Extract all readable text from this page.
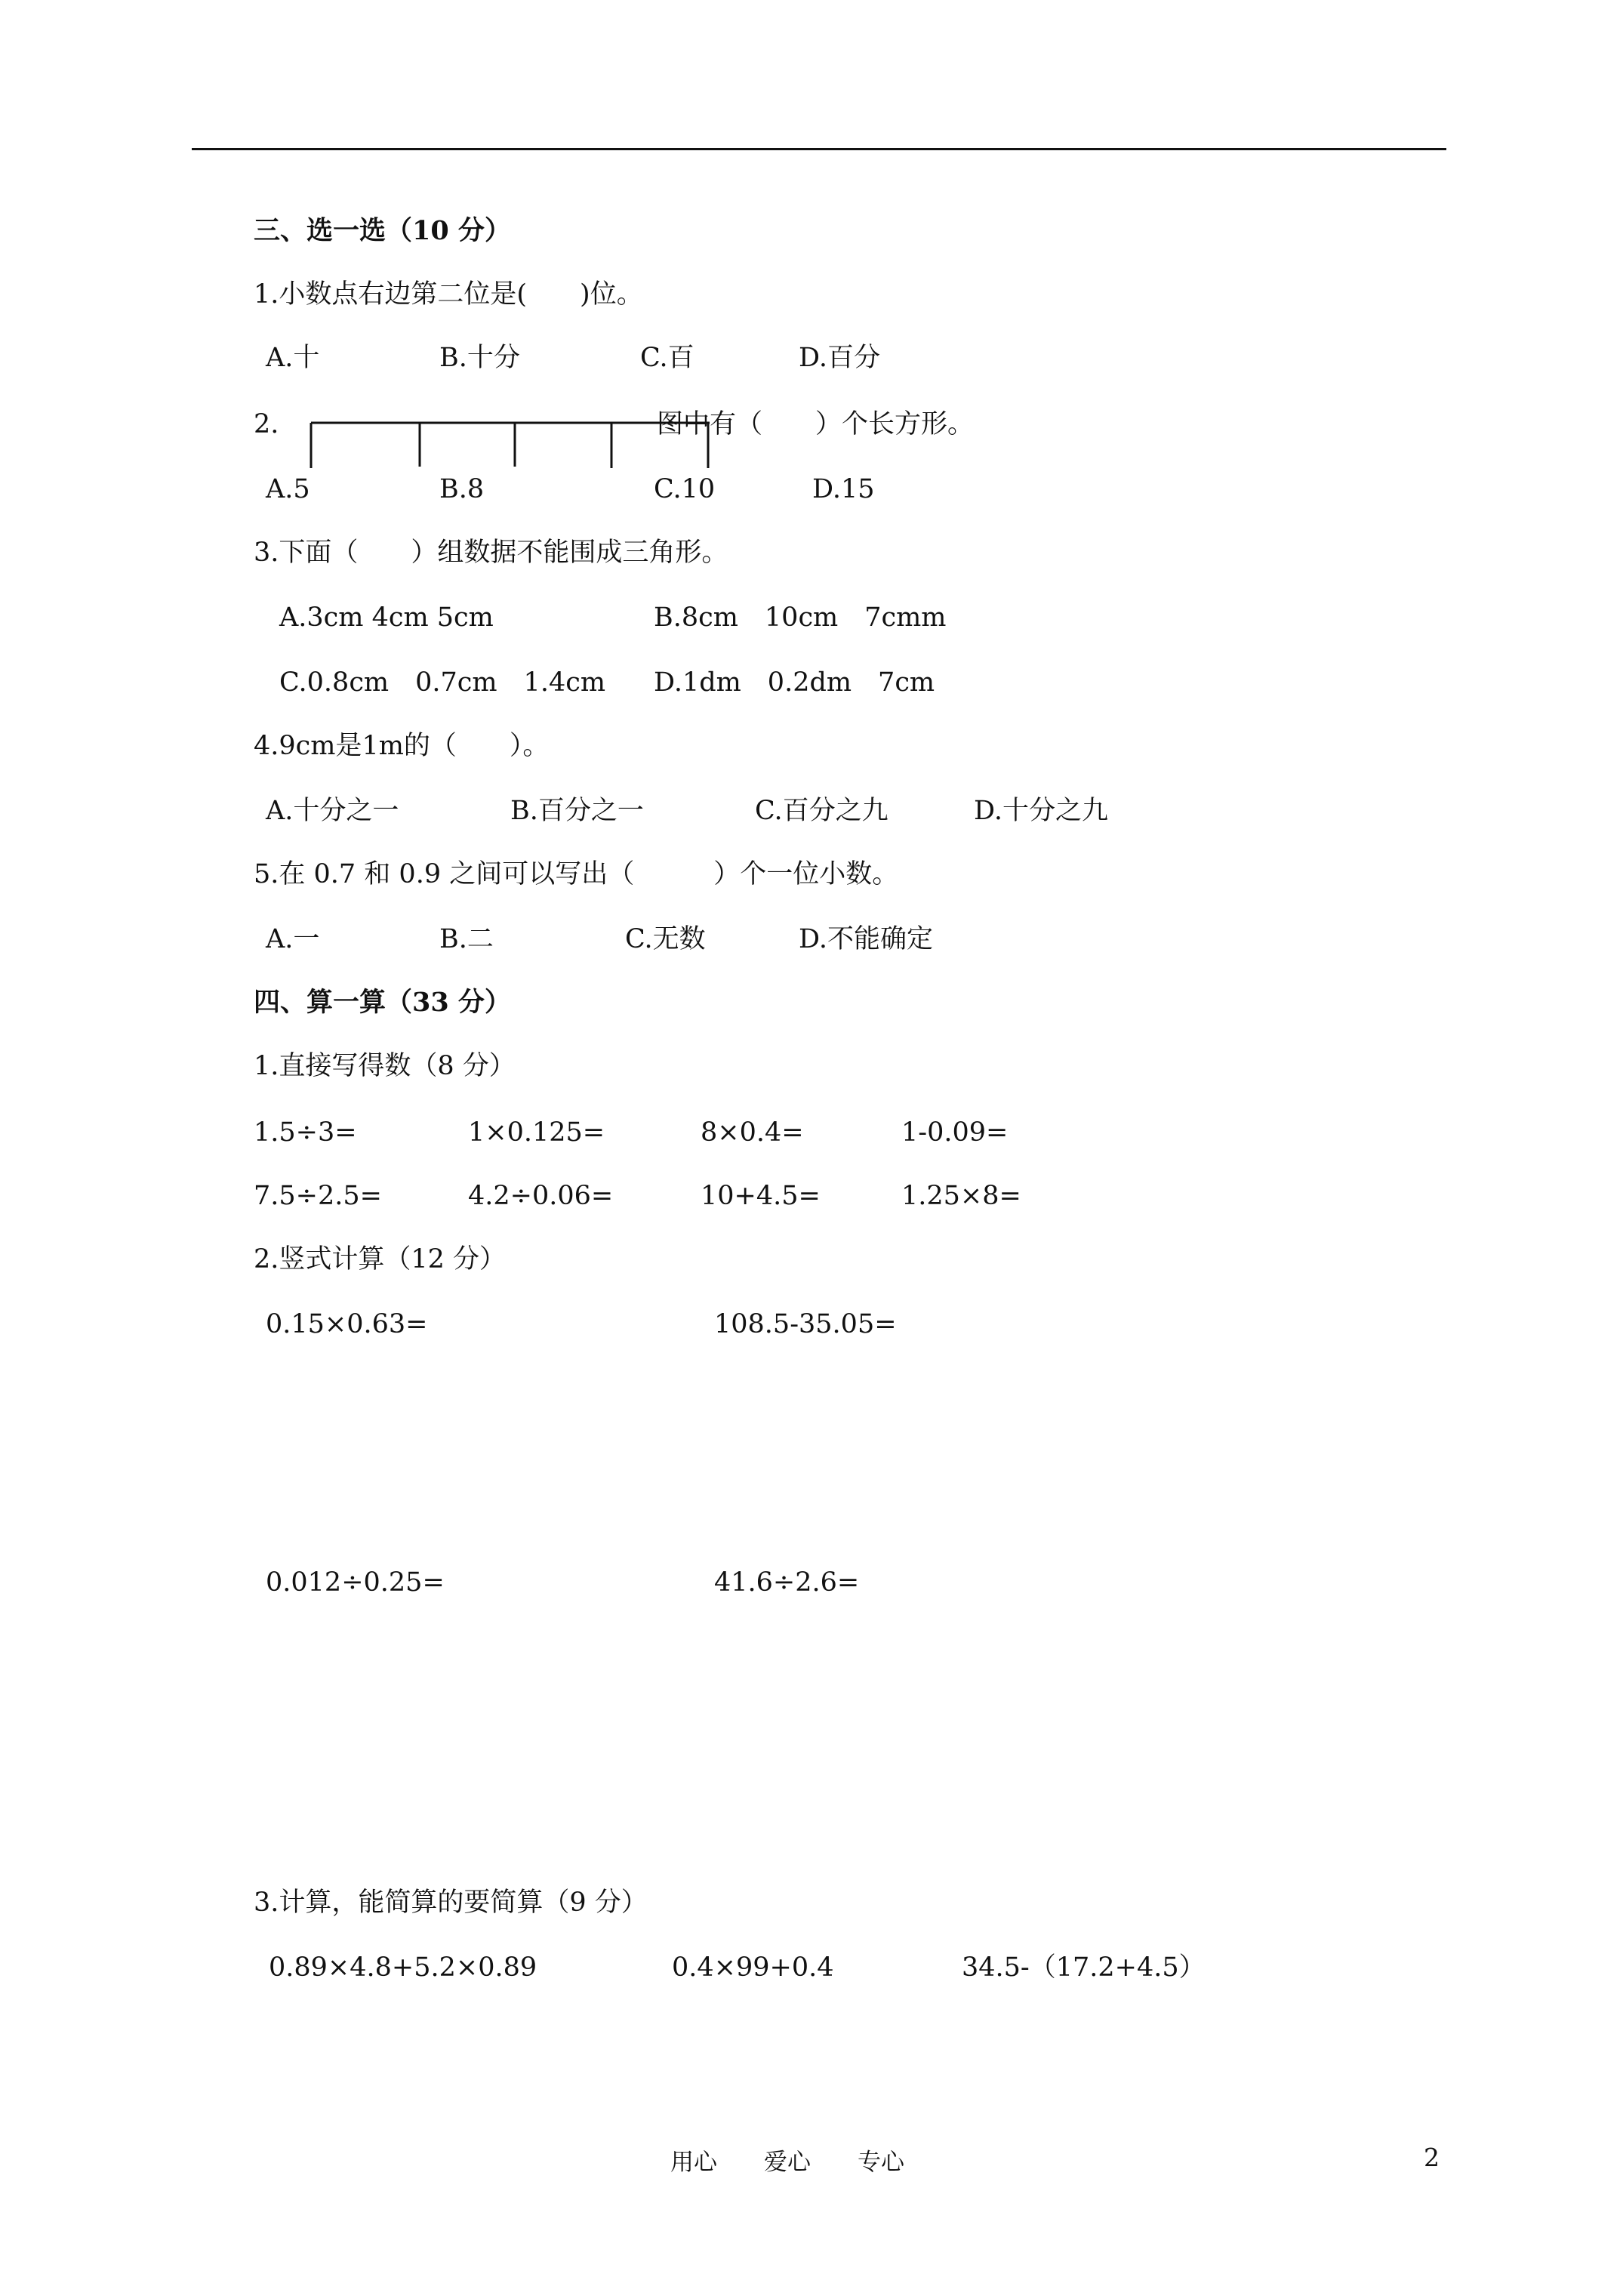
三、选一选（10 分）
1.小数点右边第二位是(　　)位。
A.十	B.十分	C.百	D.百分
2.	图中有（　　）个长方形。
A.5	B.8	C.10	D.15
3.下面（　　）组数据不能围成三角形。
A.3cm 4cm 5cm	B.8cm　10cm　7cmm
C.0.8cm　0.7cm　1.4cm D.1dm　0.2dm　7cm
4.9cm是1m的（　　）。
A.十分之一	B.百分之一	C.百分之九	D.十分之九
5.在 0.7 和 0.9 之间可以写出（　　　）个一位小数。
A.一	B.二	C.无数	D.不能确定
四、算一算（33 分）
1.直接写得数（8 分）
1.5÷3=	1×0.125=	8×0.4=	1-0.09=
7.5÷2.5=	4.2÷0.06=	10+4.5=	1.25×8=
2.竖式计算（12 分）
0.15×0.63=	108.5-35.05=
0.012÷0.25=	41.6÷2.6=
3.计算，能简算的要简算（9 分）
0.89×4.8+5.2×0.89	0.4×99+0.4	34.5-（17.2+4.5）
用心　　爱心　　专心	2
